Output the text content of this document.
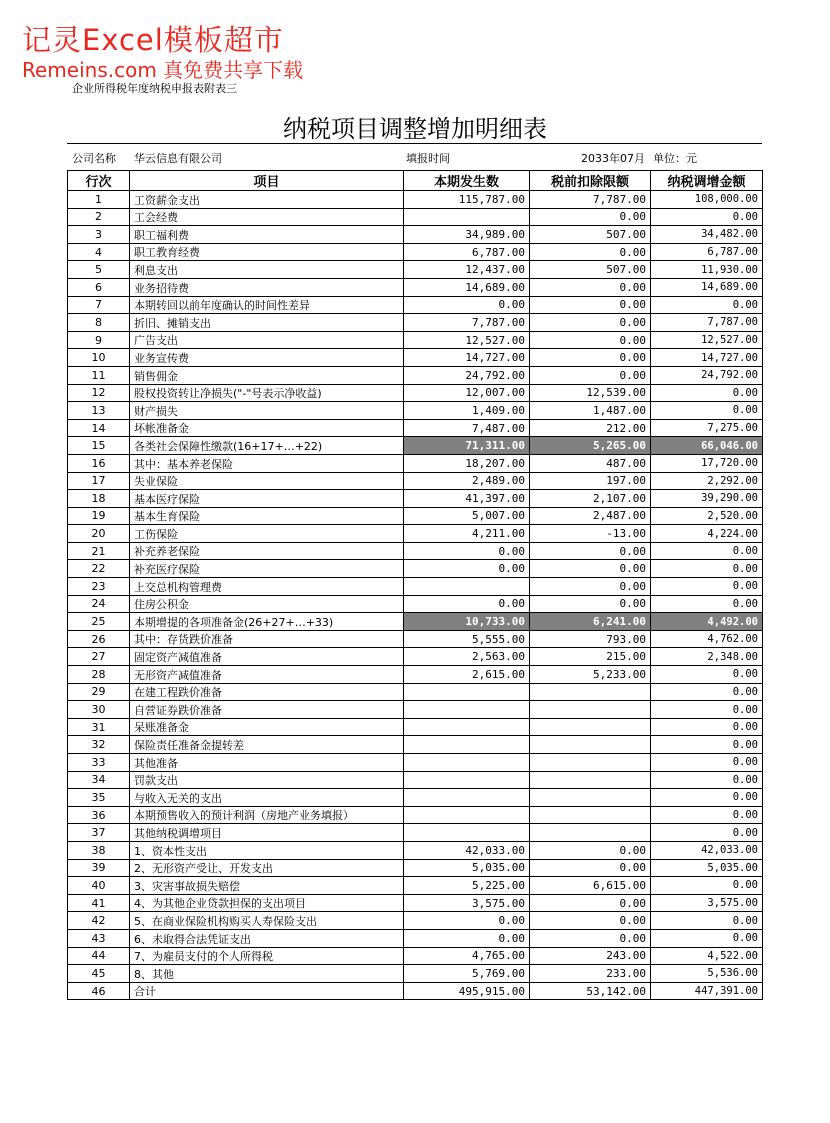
记灵Excel模板超市
Remeins.com 真免费共享下载
企业所得税年度纳税申报表附表三
纳税项目调整增加明细表
公司名称 华云信息有限公司	填报时间	2033年07月 单位：元
行次	项目	本期发生数	税前扣除限额	纳税调增金额
1	工资薪金支出	115,787.00	7,787.00	108,000.00
2	工会经费		0.00	0.00
3	职工福利费	34,989.00	507.00	34,482.00
4	职工教育经费	6,787.00	0.00	6,787.00
5	利息支出	12,437.00	507.00	11,930.00
6	业务招待费	14,689.00	0.00	14,689.00
7	本期转回以前年度确认的时间性差异	0.00	0.00	0.00
8	折旧、摊销支出	7,787.00	0.00	7,787.00
9	广告支出	12,527.00	0.00	12,527.00
10	业务宣传费	14,727.00	0.00	14,727.00
11	销售佣金	24,792.00	0.00	24,792.00
12	股权投资转让净损失("-"号表示净收益)	12,007.00	12,539.00	0.00
13	财产损失	1,409.00	1,487.00	0.00
14	坏帐准备金	7,487.00	212.00	7,275.00
15	各类社会保障性缴款(16+17+…+22)	71,311.00	5,265.00	66,046.00
16	其中：基本养老保险	18,207.00	487.00	17,720.00
17	失业保险	2,489.00	197.00	2,292.00
18	基本医疗保险	41,397.00	2,107.00	39,290.00
19	基本生育保险	5,007.00	2,487.00	2,520.00
20	工伤保险	4,211.00	-13.00	4,224.00
21	补充养老保险	0.00	0.00	0.00
22	补充医疗保险	0.00	0.00	0.00
23	上交总机构管理费		0.00	0.00
24	住房公积金	0.00	0.00	0.00
25	本期增提的各项准备金(26+27+…+33)	10,733.00	6,241.00	4,492.00
26	其中：存货跌价准备	5,555.00	793.00	4,762.00
27	固定资产减值准备	2,563.00	215.00	2,348.00
28	无形资产减值准备	2,615.00	5,233.00	0.00
29	在建工程跌价准备			0.00
30	自营证券跌价准备			0.00
31	呆账准备金			0.00
32	保险责任准备金提转差			0.00
33	其他准备			0.00
34	罚款支出			0.00
35	与收入无关的支出			0.00
36	本期预售收入的预计利润（房地产业务填报）			0.00
37	其他纳税调增项目			0.00
38	1、资本性支出	42,033.00	0.00	42,033.00
39	2、无形资产受让、开发支出	5,035.00	0.00	5,035.00
40	3、灾害事故损失赔偿	5,225.00	6,615.00	0.00
41	4、为其他企业贷款担保的支出项目	3,575.00	0.00	3,575.00
42	5、在商业保险机构购买人寿保险支出	0.00	0.00	0.00
43	6、未取得合法凭证支出	0.00	0.00	0.00
44	7、为雇员支付的个人所得税	4,765.00	243.00	4,522.00
45	8、其他	5,769.00	233.00	5,536.00
46	合计	495,915.00	53,142.00	447,391.00
